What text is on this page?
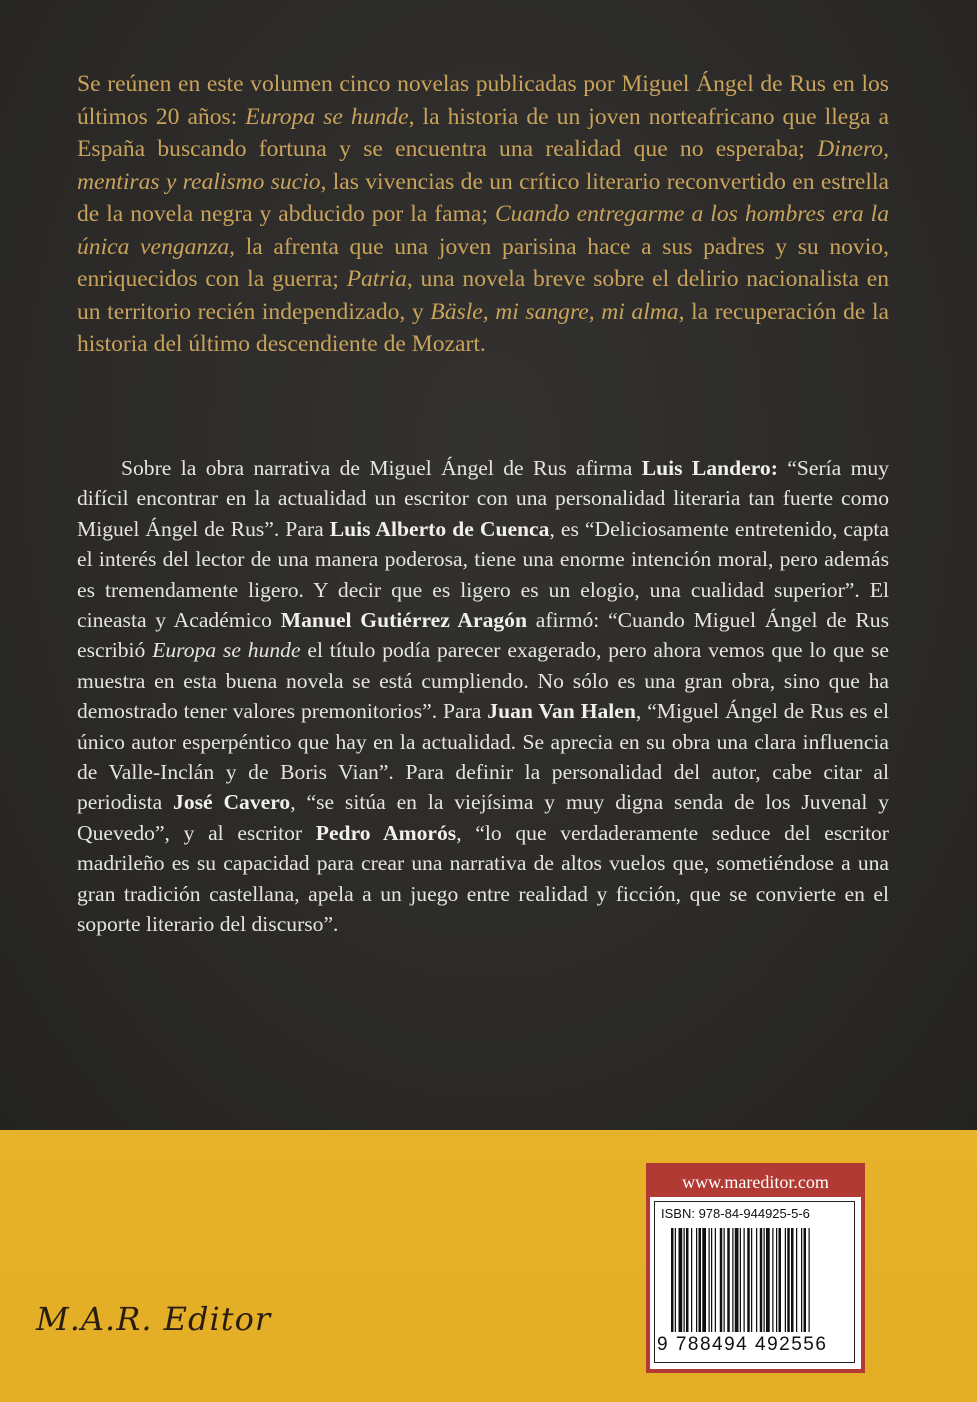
Se reúnen en este volumen cinco novelas publicadas por Miguel Ángel de Rus en los últimos 20 años: Europa se hunde, la historia de un joven norteafricano que llega a España buscando fortuna y se encuentra una realidad que no esperaba; Dinero, mentiras y realismo sucio, las vivencias de un crítico literario reconvertido en estrella de la novela negra y abducido por la fama; Cuando entregarme a los hombres era la única venganza, la afrenta que una joven parisina hace a sus padres y su novio, enriquecidos con la guerra; Patria, una novela breve sobre el delirio nacionalista en un territorio recién independizado, y Bäsle, mi sangre, mi alma, la recuperación de la historia del último descendiente de Mozart.

Sobre la obra narrativa de Miguel Ángel de Rus afirma Luis Landero: “Sería muy difícil encontrar en la actualidad un escritor con una personalidad literaria tan fuerte como Miguel Ángel de Rus”. Para Luis Alberto de Cuenca, es “Deliciosamente entretenido, capta el interés del lector de una manera poderosa, tiene una enorme intención moral, pero además es tremendamente ligero. Y decir que es ligero es un elogio, una cualidad superior”. El cineasta y Académico Manuel Gutiérrez Aragón afirmó: “Cuando Miguel Ángel de Rus escribió Europa se hunde el título podía parecer exagerado, pero ahora vemos que lo que se muestra en esta buena novela se está cumpliendo. No sólo es una gran obra, sino que ha demostrado tener valores premonitorios”. Para Juan Van Halen, “Miguel Ángel de Rus es el único autor esperpéntico que hay en la actualidad. Se aprecia en su obra una clara influencia de Valle-Inclán y de Boris Vian”. Para definir la personalidad del autor, cabe citar al periodista José Cavero, “se sitúa en la viejísima y muy digna senda de los Juvenal y Quevedo”, y al escritor Pedro Amorós, “lo que verdaderamente seduce del escritor madrileño es su capacidad para crear una narrativa de altos vuelos que, sometiéndose a una gran tradición castellana, apela a un juego entre realidad y ficción, que se convierte en el soporte literario del discurso”.

M.A.R. Editor

www.mareditor.com
ISBN: 978-84-944925-5-6
9 788494 492556
